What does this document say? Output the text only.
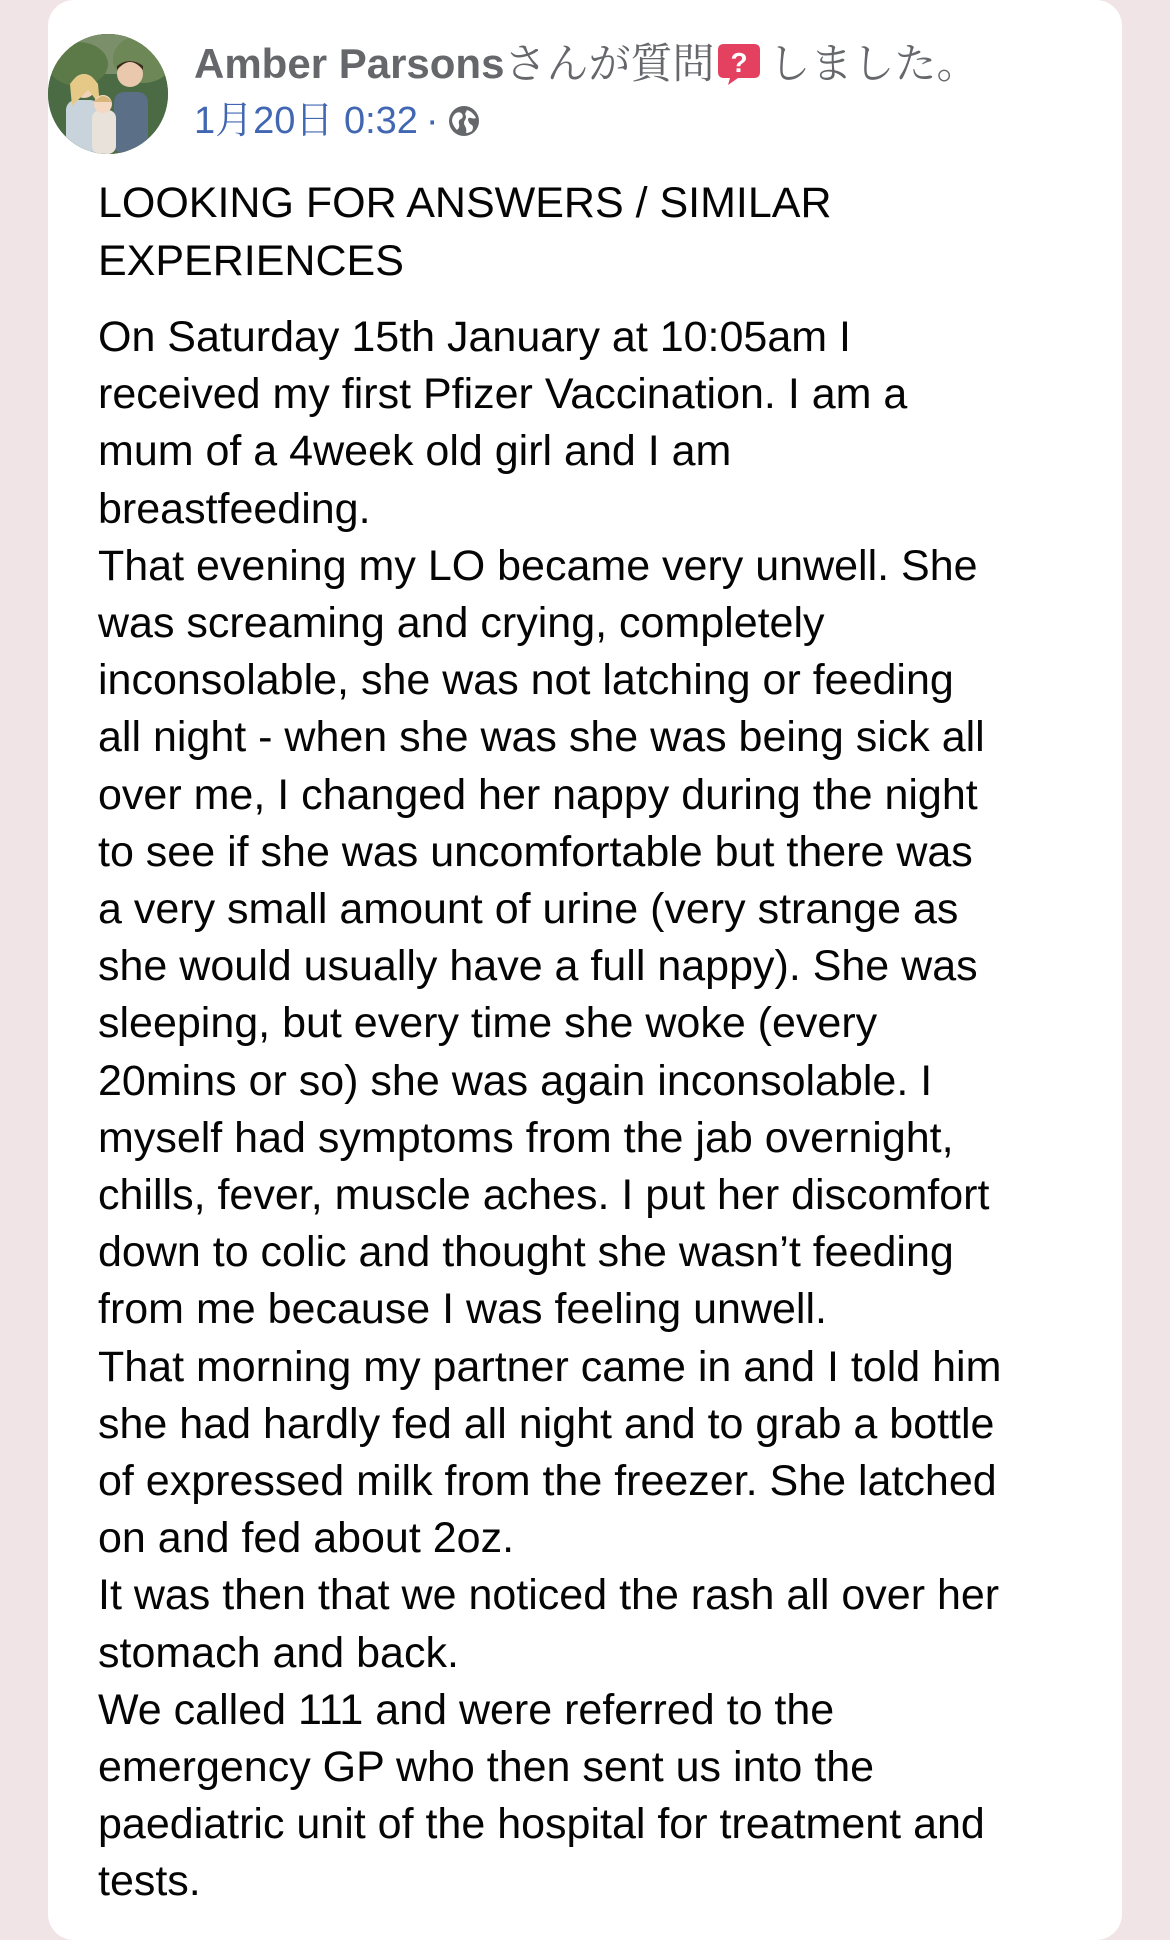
Amber Parsons さんが質問 ? しました。
1月20日 0:32 ·
LOOKING FOR ANSWERS / SIMILAR
EXPERIENCES
On Saturday 15th January at 10:05am I
received my first Pfizer Vaccination. I am a
mum of a 4week old girl and I am
breastfeeding.
That evening my LO became very unwell. She
was screaming and crying, completely
inconsolable, she was not latching or feeding
all night - when she was she was being sick all
over me, I changed her nappy during the night
to see if she was uncomfortable but there was
a very small amount of urine (very strange as
she would usually have a full nappy). She was
sleeping, but every time she woke (every
20mins or so) she was again inconsolable. I
myself had symptoms from the jab overnight,
chills, fever, muscle aches. I put her discomfort
down to colic and thought she wasn’t feeding
from me because I was feeling unwell.
That morning my partner came in and I told him
she had hardly fed all night and to grab a bottle
of expressed milk from the freezer. She latched
on and fed about 2oz.
It was then that we noticed the rash all over her
stomach and back.
We called 111 and were referred to the
emergency GP who then sent us into the
paediatric unit of the hospital for treatment and
tests.
